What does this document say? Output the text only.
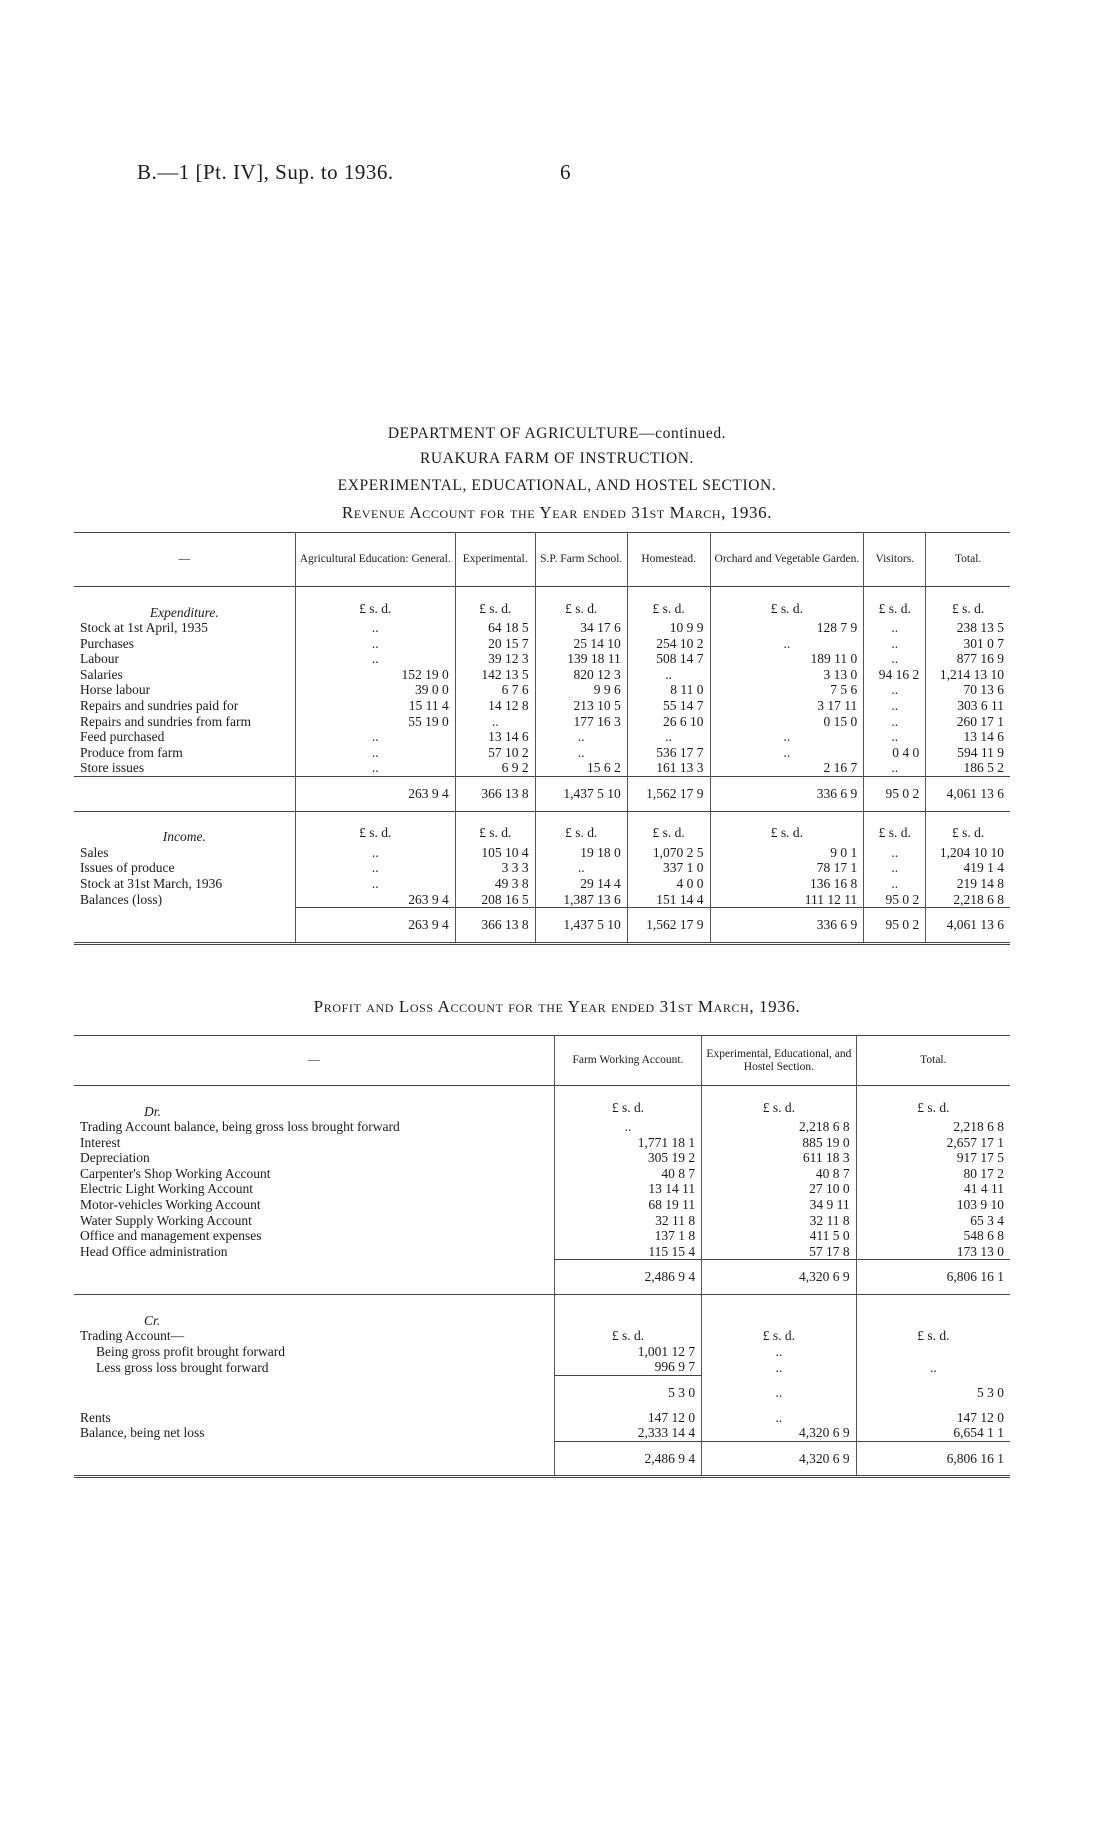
B.—1 [Pt. IV], Sup. to 1936.	6
DEPARTMENT OF AGRICULTURE—continued.
RUAKURA FARM OF INSTRUCTION.
EXPERIMENTAL, EDUCATIONAL, AND HOSTEL SECTION.
Revenue Account for the Year ended 31st March, 1936.
—	Agricultural Education: General.	Experimental.	S.P. Farm School.	Homestead.	Orchard and Vegetable Garden.	Visitors.	Total.

Expenditure.	£ s. d.	£ s. d.	£ s. d.	£ s. d.	£ s. d.	£ s. d.	£ s. d.
Stock at 1st April, 1935	..	64 18 5	34 17 6	10 9 9	128 7 9	..	238 13 5
Purchases	..	20 15 7	25 14 10	254 10 2	..	..	301 0 7
Labour	..	39 12 3	139 18 11	508 14 7	189 11 0	..	877 16 9
Salaries	152 19 0	142 13 5	820 12 3	..	3 13 0	94 16 2	1,214 13 10
Horse labour	39 0 0	6 7 6	9 9 6	8 11 0	7 5 6	..	70 13 6
Repairs and sundries paid for	15 11 4	14 12 8	213 10 5	55 14 7	3 17 11	..	303 6 11
Repairs and sundries from farm	55 19 0	..	177 16 3	26 6 10	0 15 0	..	260 17 1
Feed purchased	..	13 14 6	..	..	..	..	13 14 6
Produce from farm	..	57 10 2	..	536 17 7	..	0 4 0	594 11 9
Store issues	..	6 9 2	15 6 2	161 13 3	2 16 7	..	186 5 2
	263 9 4	366 13 8	1,437 5 10	1,562 17 9	336 6 9	95 0 2	4,061 13 6

Income.	£ s. d.	£ s. d.	£ s. d.	£ s. d.	£ s. d.	£ s. d.	£ s. d.
Sales	..	105 10 4	19 18 0	1,070 2 5	9 0 1	..	1,204 10 10
Issues of produce	..	3 3 3	..	337 1 0	78 17 1	..	419 1 4
Stock at 31st March, 1936	..	49 3 8	29 14 4	4 0 0	136 16 8	..	219 14 8
Balances (loss)	263 9 4	208 16 5	1,387 13 6	151 14 4	111 12 11	95 0 2	2,218 6 8
	263 9 4	366 13 8	1,437 5 10	1,562 17 9	336 6 9	95 0 2	4,061 13 6
Profit and Loss Account for the Year ended 31st March, 1936.
—	Farm Working Account.	Experimental, Educational, and Hostel Section.	Total.

Dr.	£ s. d.	£ s. d.	£ s. d.
Trading Account balance, being gross loss brought forward	..	2,218 6 8	2,218 6 8
Interest	1,771 18 1	885 19 0	2,657 17 1
Depreciation	305 19 2	611 18 3	917 17 5
Carpenter's Shop Working Account	40 8 7	40 8 7	80 17 2
Electric Light Working Account	13 14 11	27 10 0	41 4 11
Motor-vehicles Working Account	68 19 11	34 9 11	103 9 10
Water Supply Working Account	32 11 8	32 11 8	65 3 4
Office and management expenses	137 1 8	411 5 0	548 6 8
Head Office administration	115 15 4	57 17 8	173 13 0
	2,486 9 4	4,320 6 9	6,806 16 1

Cr.			
Trading Account—	£ s. d.	£ s. d.	£ s. d.
Being gross profit brought forward	1,001 12 7	..	
Less gross loss brought forward	996 9 7	..	..
	5 3 0	..	5 3 0
Rents	147 12 0	..	147 12 0
Balance, being net loss	2,333 14 4	4,320 6 9	6,654 1 1
	2,486 9 4	4,320 6 9	6,806 16 1
